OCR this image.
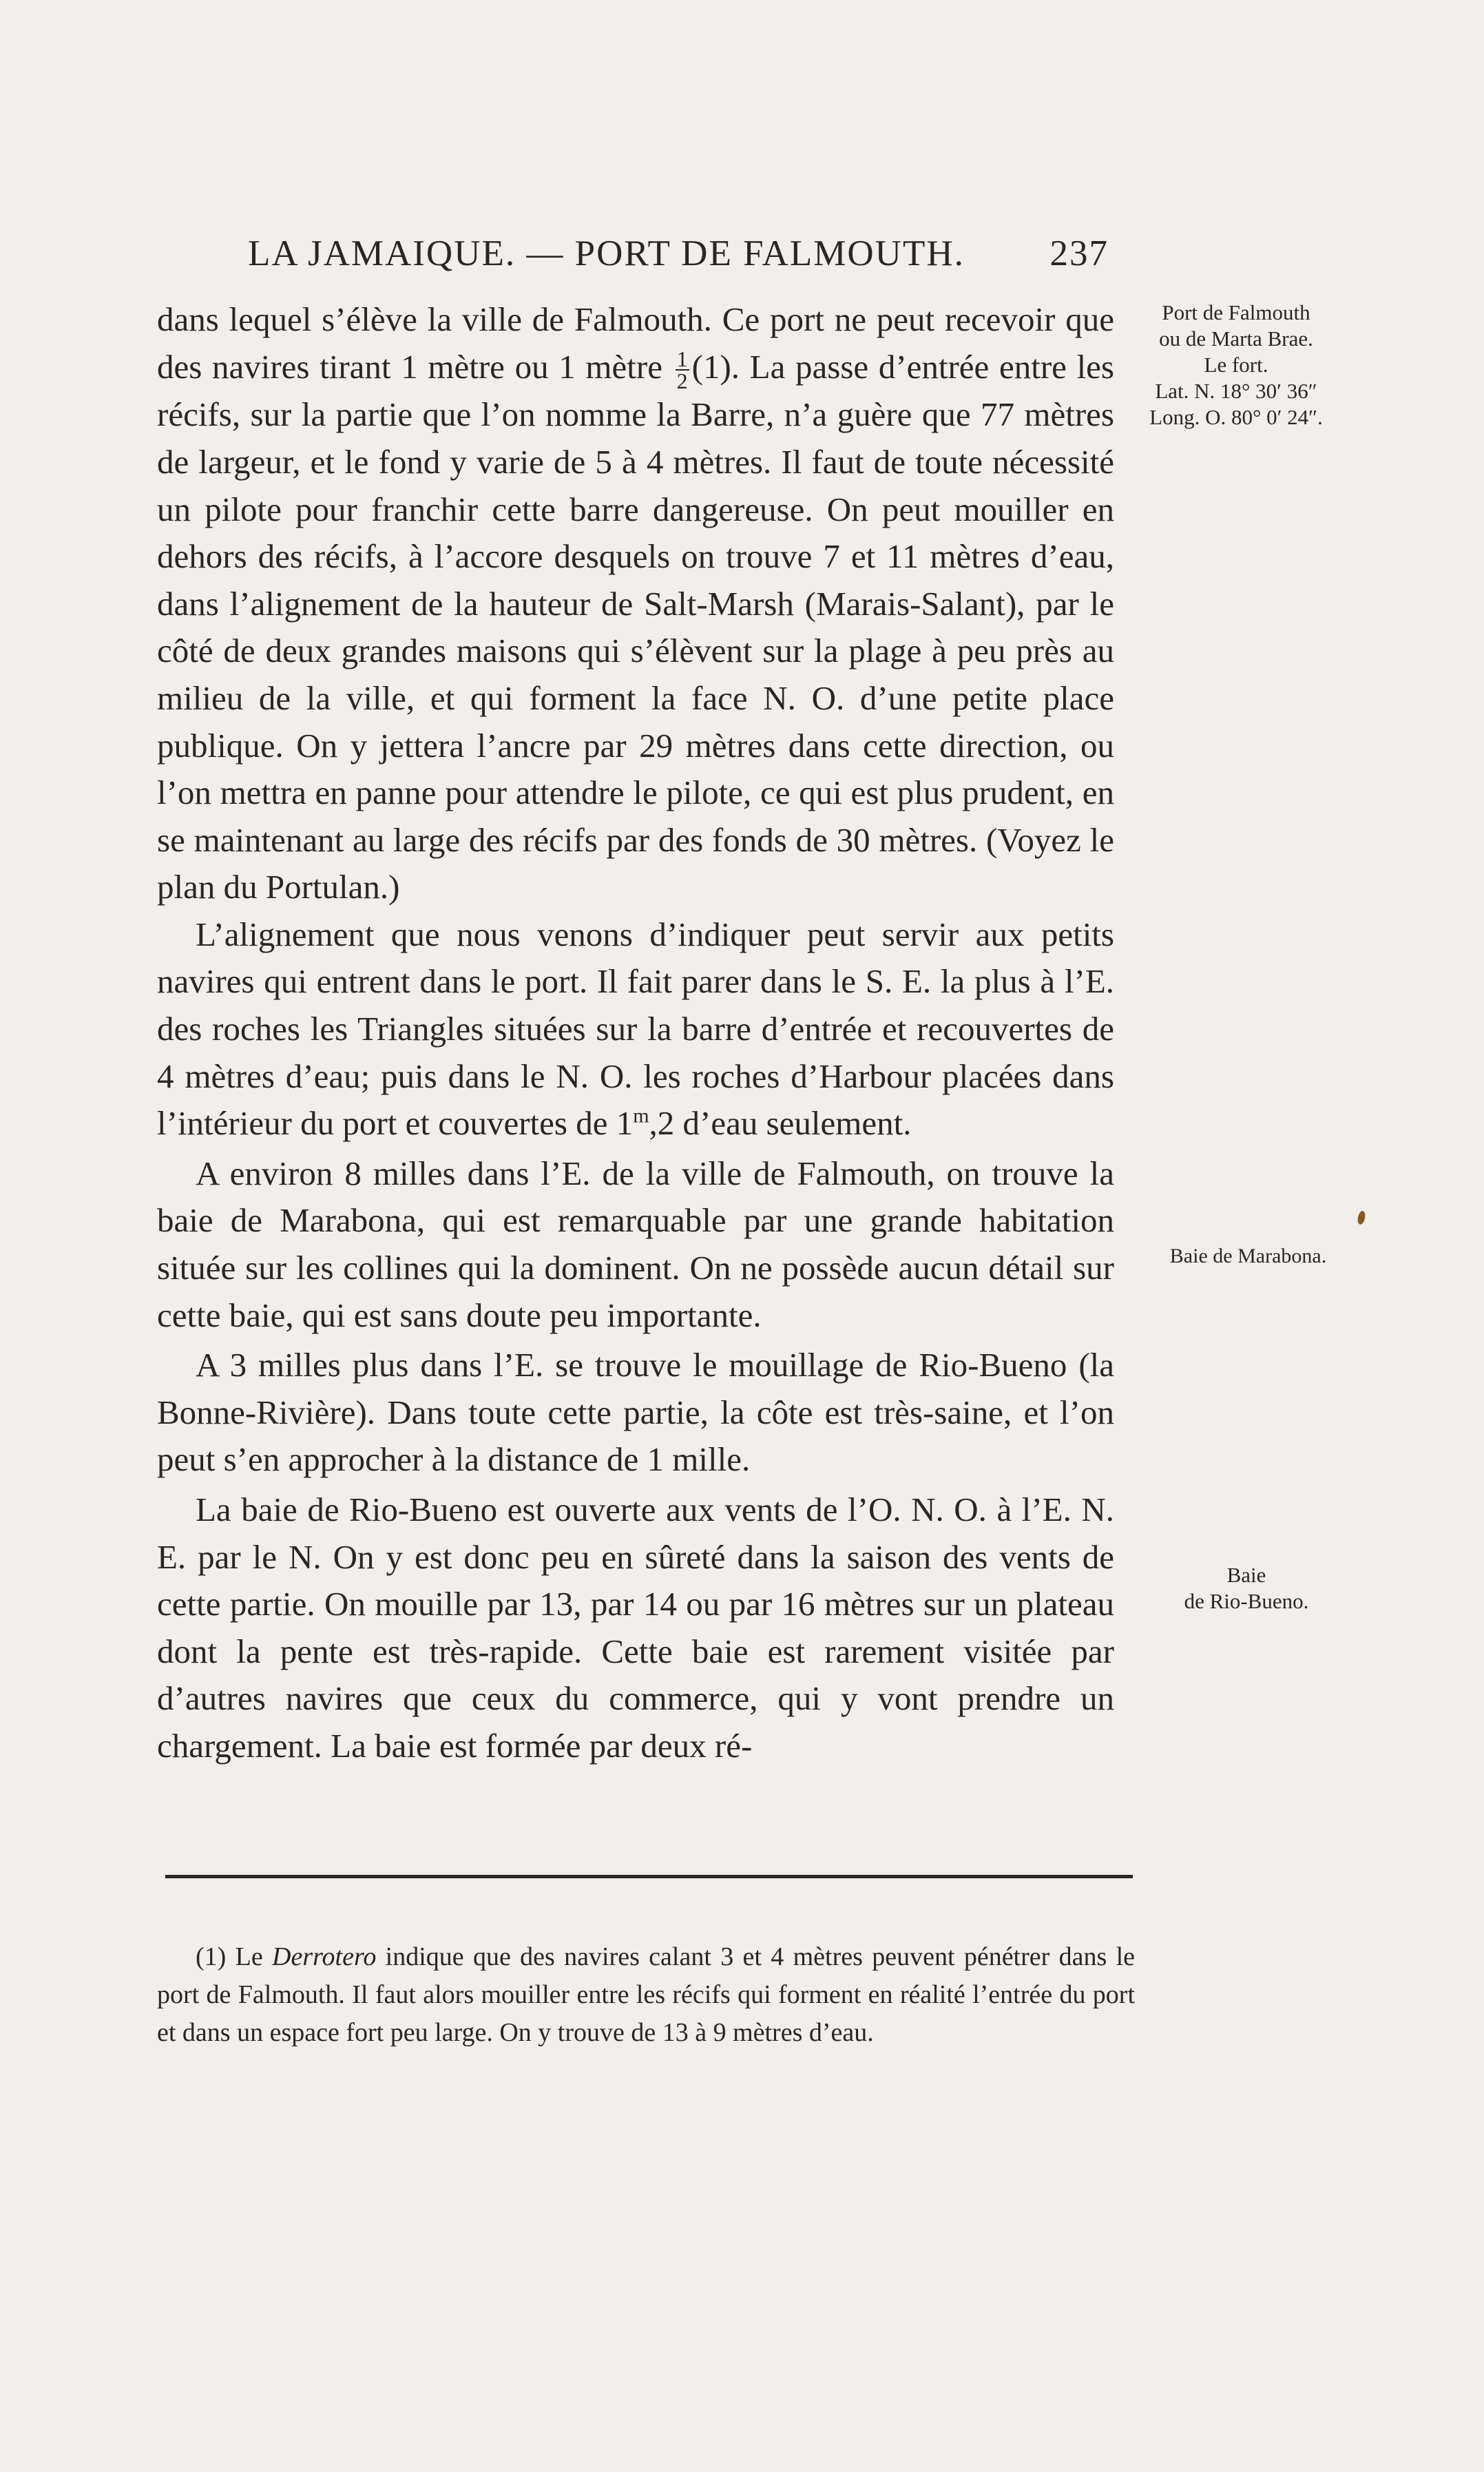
LA JAMAIQUE. — PORT DE FALMOUTH. 237

dans lequel s’élève la ville de Falmouth. Ce port ne peut recevoir que des navires tirant 1 mètre ou 1 mètre $\frac{1}{2} (1)$. La passe d’entrée entre les récifs, sur la partie que l’on nomme la Barre, n’a guère que 77 mètres de largeur, et le fond y varie de 5 à 4 mètres. Il faut de toute nécessité un pilote pour franchir cette barre dangereuse. On peut mouiller en dehors des récifs, à l’accore desquels on trouve 7 et 11 mètres d’eau, dans l’alignement de la hauteur de Salt-Marsh (Marais-Salant), par le côté de deux grandes maisons qui s’élèvent sur la plage à peu près au milieu de la ville, et qui forment la face N. O. d’une petite place publique. On y jettera l’ancre par 29 mètres dans cette direction, ou l’on mettra en panne pour attendre le pilote, ce qui est plus prudent, en se maintenant au large des récifs par des fonds de 30 mètres. (Voyez le plan du Portulan.)

L’alignement que nous venons d’indiquer peut servir aux petits navires qui entrent dans le port. Il fait parer dans le S. E. la plus à l’E. des roches les Triangles situées sur la barre d’entrée et recouvertes de 4 mètres d’eau; puis dans le N. O. les roches d’Harbour placées dans l’intérieur du port et couvertes de 1$^m$,2 d’eau seulement.

A environ 8 milles dans l’E. de la ville de Falmouth, on trouve la baie de Marabona, qui est remarquable par une grande habitation située sur les collines qui la dominent. On ne possède aucun détail sur cette baie, qui est sans doute peu importante.

A 3 milles plus dans l’E. se trouve le mouillage de Rio-Bueno (la Bonne-Rivière). Dans toute cette partie, la côte est très-saine, et l’on peut s’en approcher à la distance de 1 mille.

La baie de Rio-Bueno est ouverte aux vents de l’O. N. O. à l’E. N. E. par le N. On y est donc peu en sûreté dans la saison des vents de cette partie. On mouille par 13, par 14 ou par 16 mètres sur un plateau dont la pente est très-rapide. Cette baie est rarement visitée par d’autres navires que ceux du commerce, qui y vont prendre un chargement. La baie est formée par deux ré-

Port de Falmouth
ou de Marta Brae.
Le fort.
Lat. N. 18° 30′ 36″
Long. O. 80° 0′ 24″.
Baie de Marabona.
Baie
de Rio-Bueno.

(1) Le Derrotero indique que des navires calant 3 et 4 mètres peuvent pénétrer dans le port de Falmouth. Il faut alors mouiller entre les récifs qui forment en réalité l’entrée du port et dans un espace fort peu large. On y trouve de 13 à 9 mètres d’eau.
